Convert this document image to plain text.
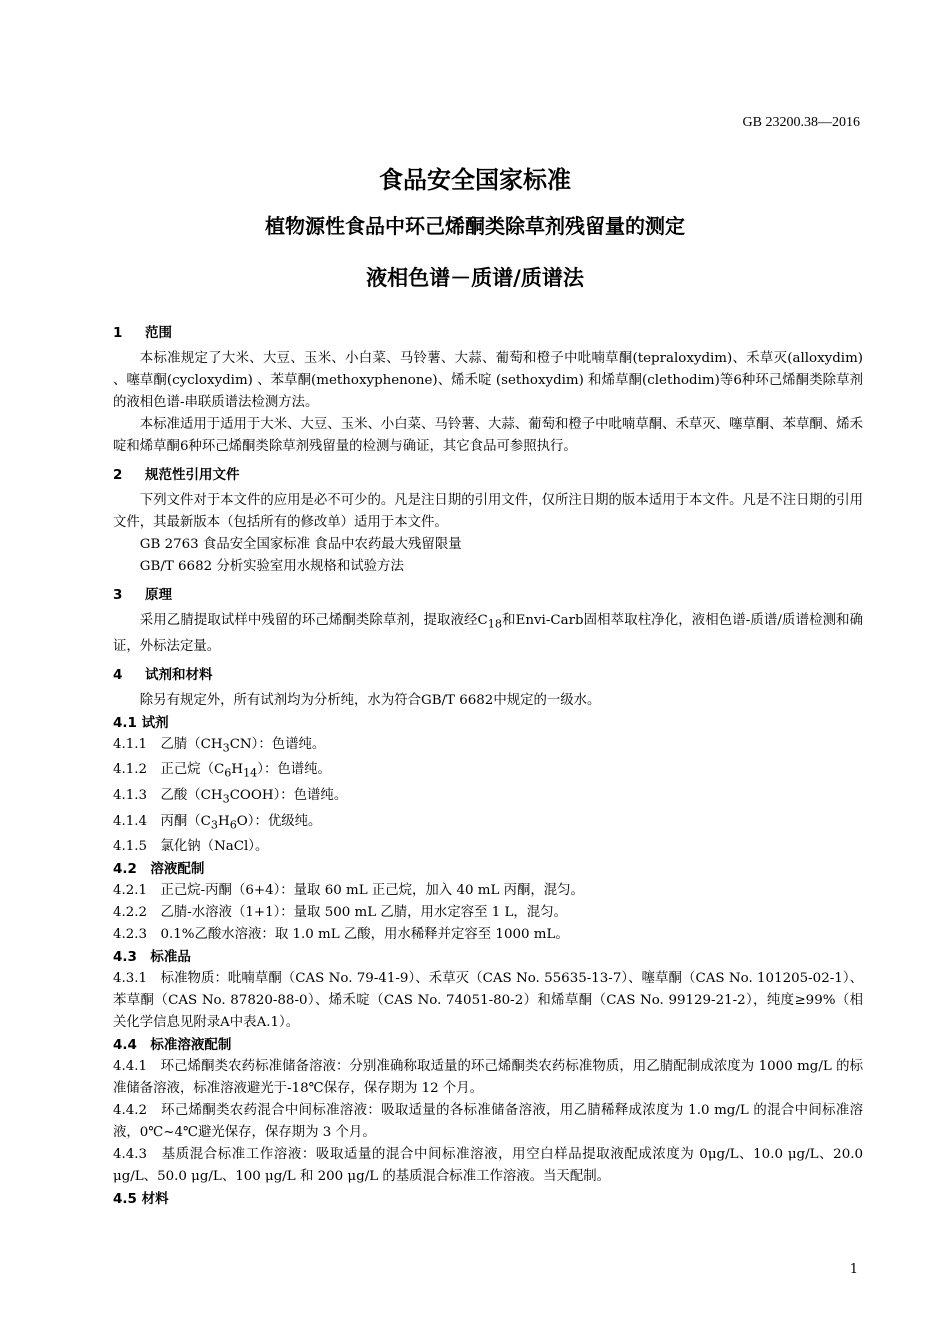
GB 23200.38—2016
食品安全国家标准
植物源性食品中环己烯酮类除草剂残留量的测定
液相色谱－质谱/质谱法
1 范围

本标准规定了大米、大豆、玉米、小白菜、马铃薯、大蒜、葡萄和橙子中吡喃草酮(tepraloxydim)、禾草灭(alloxydim) 、噻草酮(cycloxydim) 、苯草酮(methoxyphenone)、烯禾啶 (sethoxydim) 和烯草酮(clethodim)等6种环己烯酮类除草剂的液相色谱-串联质谱法检测方法。

本标准适用于适用于大米、大豆、玉米、小白菜、马铃薯、大蒜、葡萄和橙子中吡喃草酮、禾草灭、噻草酮、苯草酮、烯禾啶和烯草酮6种环己烯酮类除草剂残留量的检测与确证，其它食品可参照执行。

2 规范性引用文件

下列文件对于本文件的应用是必不可少的。凡是注日期的引用文件，仅所注日期的版本适用于本文件。凡是不注日期的引用文件，其最新版本（包括所有的修改单）适用于本文件。

GB 2763 食品安全国家标准 食品中农药最大残留限量

GB/T 6682 分析实验室用水规格和试验方法

3 原理

采用乙腈提取试样中残留的环己烯酮类除草剂，提取液经$C_{18}$和Envi-Carb固相萃取柱净化，液相色谱-质谱/质谱检测和确证，外标法定量。

4 试剂和材料

除另有规定外，所有试剂均为分析纯，水为符合GB/T 6682中规定的一级水。

4.1 试剂

4.1.1　 乙腈$(CH_3CN)$：色谱纯。

4.1.2　 正己烷$(C_6H_{14})$：色谱纯。

4.1.3　 乙酸$(CH_3COOH)$：色谱纯。

4.1.4　 丙酮$(C_3H_6O)$：优级纯。

4.1.5　 氯化钠（NaCl）。

4.2　溶液配制

4.2.1　正己烷-丙酮（6+4）：量取 60 mL 正己烷，加入 40 mL 丙酮，混匀。

4.2.2　乙腈-水溶液（1+1）：量取 500 mL 乙腈，用水定容至 1 L，混匀。

4.2.3　0.1%乙酸水溶液：取 1.0 mL 乙酸，用水稀释并定容至 1000 mL。

4.3　标准品

4.3.1　标准物质：吡喃草酮（CAS No. 79-41-9）、禾草灭（CAS No. 55635-13-7）、噻草酮（CAS No. 101205-02-1）、苯草酮（CAS No. 87820-88-0）、烯禾啶（CAS No. 74051-80-2）和烯草酮（CAS No. 99129-21-2），纯度≥99%（相关化学信息见附录A中表A.1）。

4.4　标准溶液配制

4.4.1　环己烯酮类农药标准储备溶液：分别准确称取适量的环己烯酮类农药标准物质，用乙腈配制成浓度为 1000 mg/L 的标准储备溶液，标准溶液避光于-18℃保存，保存期为 12 个月。

4.4.2　环己烯酮类农药混合中间标准溶液：吸取适量的各标准储备溶液，用乙腈稀释成浓度为 1.0 mg/L 的混合中间标准溶液，0℃~4℃避光保存，保存期为 3 个月。

4.4.3　基质混合标准工作溶液：吸取适量的混合中间标准溶液，用空白样品提取液配成浓度为 0μg/L、10.0 μg/L、20.0 μg/L、50.0 μg/L、100 μg/L 和 200 μg/L 的基质混合标准工作溶液。当天配制。

4.5 材料
1
